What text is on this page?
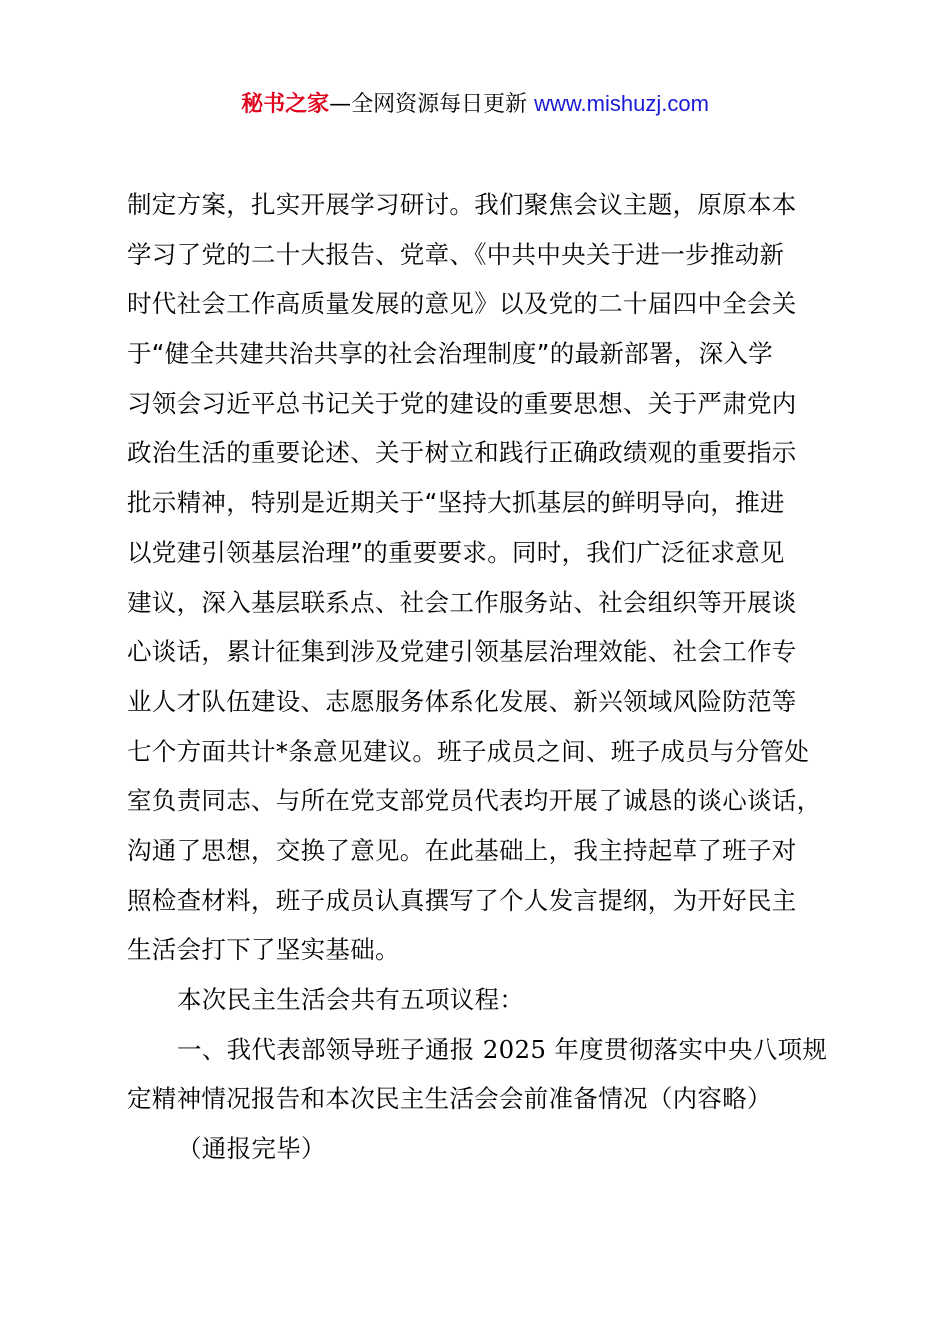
秘书之家—全网资源每日更新 www.mishuzj.com
制定方案，扎实开展学习研讨。我们聚焦会议主题，原原本本
学习了党的二十大报告、党章、《中共中央关于进一步推动新
时代社会工作高质量发展的意见》以及党的二十届四中全会关
于“健全共建共治共享的社会治理制度”的最新部署，深入学
习领会习近平总书记关于党的建设的重要思想、关于严肃党内
政治生活的重要论述、关于树立和践行正确政绩观的重要指示
批示精神，特别是近期关于“坚持大抓基层的鲜明导向，推进
以党建引领基层治理”的重要要求。同时，我们广泛征求意见
建议，深入基层联系点、社会工作服务站、社会组织等开展谈
心谈话，累计征集到涉及党建引领基层治理效能、社会工作专
业人才队伍建设、志愿服务体系化发展、新兴领域风险防范等
七个方面共计*条意见建议。班子成员之间、班子成员与分管处
室负责同志、与所在党支部党员代表均开展了诚恳的谈心谈话，
沟通了思想，交换了意见。在此基础上，我主持起草了班子对
照检查材料，班子成员认真撰写了个人发言提纲，为开好民主
生活会打下了坚实基础。
本次民主生活会共有五项议程：
一、我代表部领导班子通报 2025 年度贯彻落实中央八项规
定精神情况报告和本次民主生活会会前准备情况（内容略）
（通报完毕）
